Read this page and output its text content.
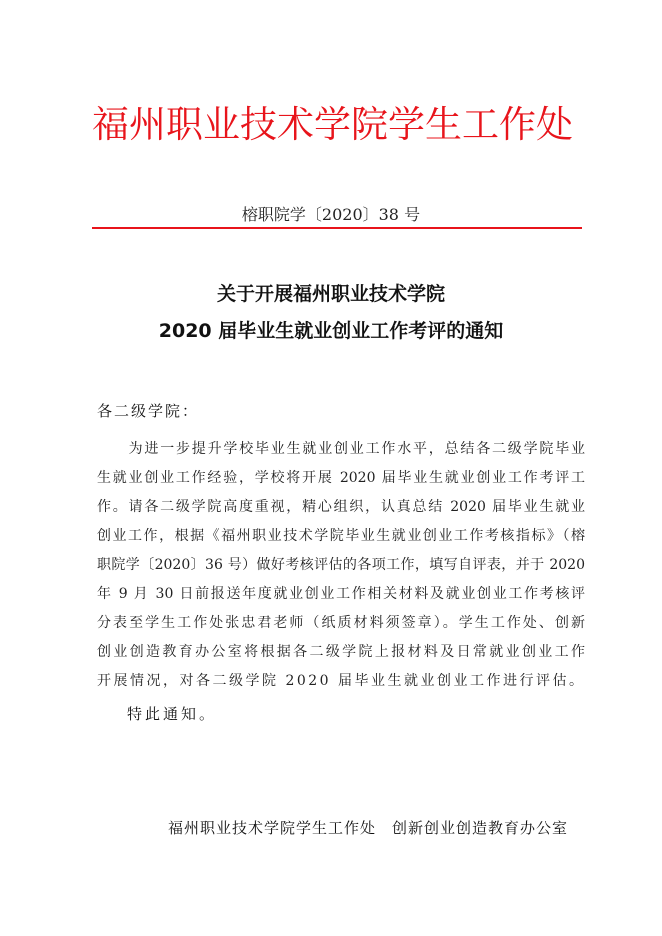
福州职业技术学院学生工作处
榕职院学〔2020〕38 号
关于开展福州职业技术学院
2020 届毕业生就业创业工作考评的通知
各二级学院：
　　为进一步提升学校毕业生就业创业工作水平，总结各二级学院毕业
生就业创业工作经验，学校将开展 2020 届毕业生就业创业工作考评工
作。请各二级学院高度重视，精心组织，认真总结 2020 届毕业生就业
创业工作，根据《福州职业技术学院毕业生就业创业工作考核指标》（榕
职院学〔2020〕36 号）做好考核评估的各项工作，填写自评表，并于 2020
年 9 月 30 日前报送年度就业创业工作相关材料及就业创业工作考核评
分表至学生工作处张忠君老师（纸质材料须签章）。学生工作处、创新
创业创造教育办公室将根据各二级学院上报材料及日常就业创业工作
开展情况，对各二级学院 2020 届毕业生就业创业工作进行评估。
特此通知。
福州职业技术学院学生工作处　创新创业创造教育办公室
